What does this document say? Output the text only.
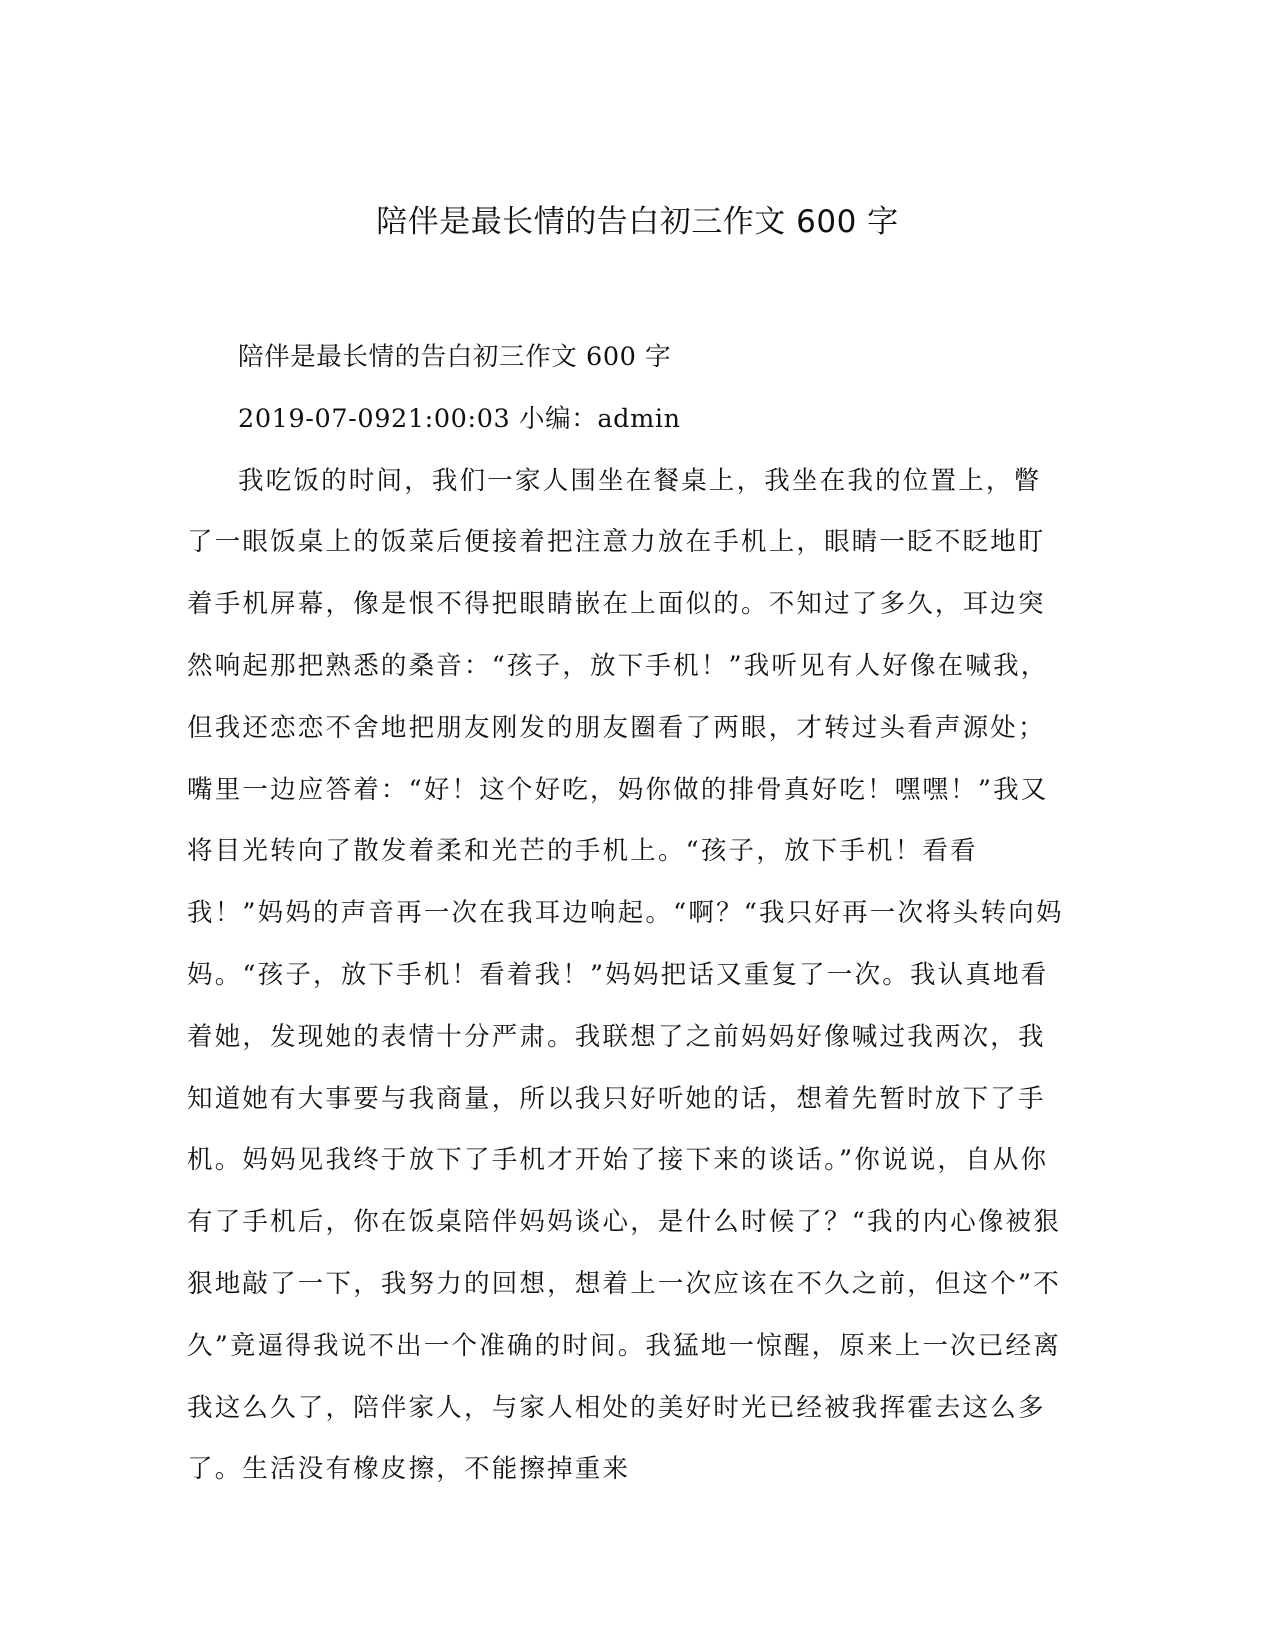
陪伴是最长情的告白初三作文 600 字

陪伴是最长情的告白初三作文 600 字

2019-07-0921:00:03 小编：admin

我吃饭的时间，我们一家人围坐在餐桌上，我坐在我的位置上，瞥了一眼饭桌上的饭菜后便接着把注意力放在手机上，眼睛一眨不眨地盯着手机屏幕，像是恨不得把眼睛嵌在上面似的。不知过了多久，耳边突然响起那把熟悉的桑音：“孩子，放下手机！”我听见有人好像在喊我，但我还恋恋不舍地把朋友刚发的朋友圈看了两眼，才转过头看声源处；嘴里一边应答着：“好！这个好吃，妈你做的排骨真好吃！嘿嘿！”我又将目光转向了散发着柔和光芒的手机上。“孩子，放下手机！看看我！”妈妈的声音再一次在我耳边响起。“啊？“我只好再一次将头转向妈妈。“孩子，放下手机！看着我！”妈妈把话又重复了一次。我认真地看着她，发现她的表情十分严肃。我联想了之前妈妈好像喊过我两次，我知道她有大事要与我商量，所以我只好听她的话，想着先暂时放下了手机。妈妈见我终于放下了手机才开始了接下来的谈话。”你说说，自从你有了手机后，你在饭桌陪伴妈妈谈心，是什么时候了？“我的内心像被狠狠地敲了一下，我努力的回想，想着上一次应该在不久之前，但这个”不久”竟逼得我说不出一个准确的时间。我猛地一惊醒，原来上一次已经离我这么久了，陪伴家人，与家人相处的美好时光已经被我挥霍去这么多了。生活没有橡皮擦，不能擦掉重来
